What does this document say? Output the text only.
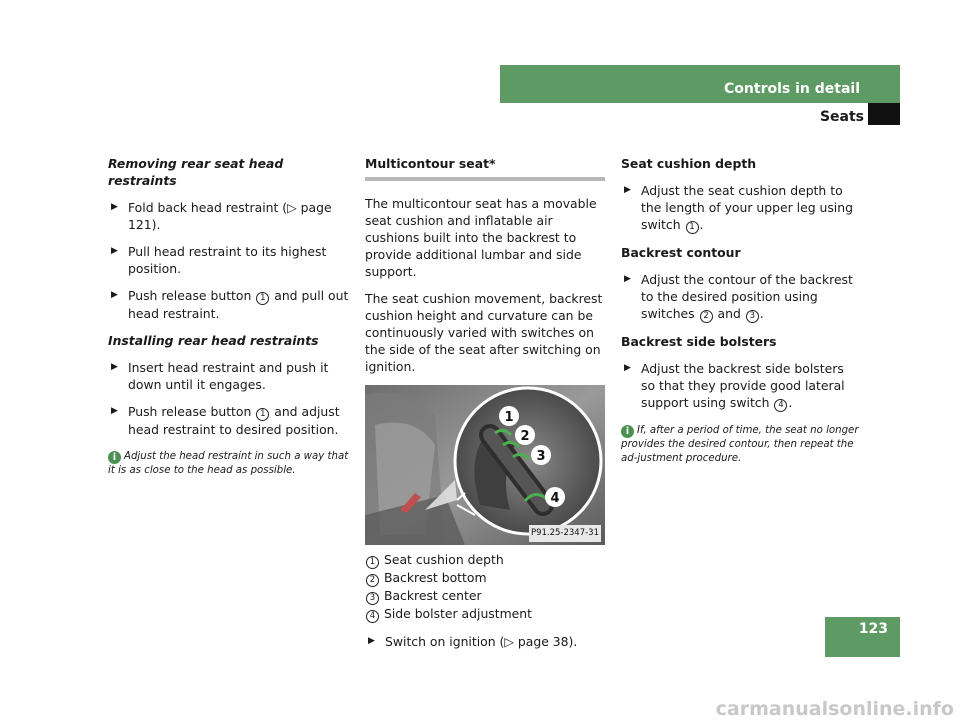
Controls in detail
Seats
Removing rear seat head restraints
▶ Fold back head restraint (▷ page 121).
▶ Pull head restraint to its highest position.
▶ Push release button 1 and pull out head restraint.
Installing rear head restraints
▶ Insert head restraint and push it down until it engages.
▶ Push release button 1 and adjust head restraint to desired position.
i Adjust the head restraint in such a way that it is as close to the head as possible.
Multicontour seat*

The multicontour seat has a movable seat cushion and inflatable air cushions built into the backrest to provide additional lumbar and side support.

The seat cushion movement, backrest cushion height and curvature can be continuously varied with switches on the side of the seat after switching on ignition.

1
2
3
4
P91.25-2347-31
1 Seat cushion depth
2 Backrest bottom
3 Backrest center
4 Side bolster adjustment
▶ Switch on ignition (▷ page 38).
Seat cushion depth
▶ Adjust the seat cushion depth to the length of your upper leg using switch 1 .
Backrest contour
▶ Adjust the contour of the backrest to the desired position using switches 2 and 3 .
Backrest side bolsters
▶ Adjust the backrest side bolsters so that they provide good lateral support using switch 4 .
i If, after a period of time, the seat no longer provides the desired contour, then repeat the ad-justment procedure.
123
carmanualsonline.info
